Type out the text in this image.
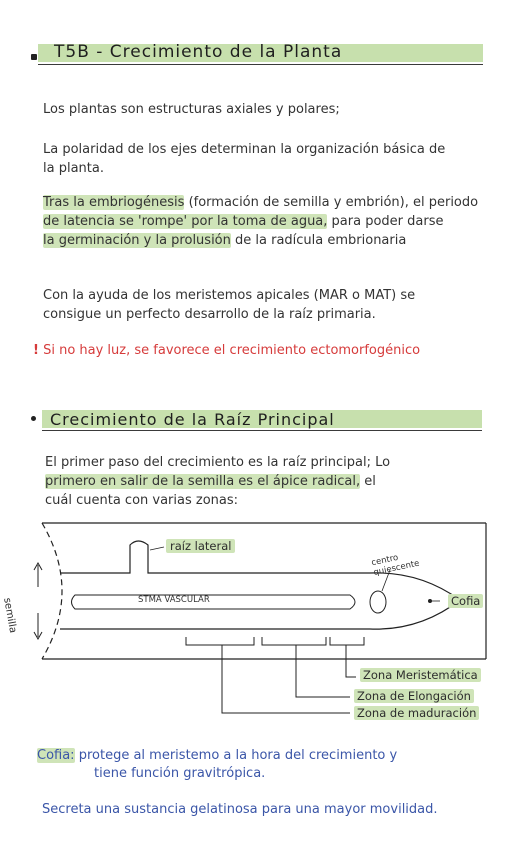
T5B - Crecimiento de la Planta
Los plantas son estructuras axiales y polares;
La polaridad de los ejes determinan la organización básica de
la planta.
Tras la embriogénesis (formación de semilla y embrión), el periodo
de latencia se 'rompe' por la toma de agua, para poder darse
la germinación y la prolusión de la radícula embrionaria
Con la ayuda de los meristemos apicales (MAR o MAT) se
consigue un perfecto desarrollo de la raíz primaria.
! Si no hay luz, se favorece el crecimiento ectomorfogénico
Crecimiento de la Raíz Principal
El primer paso del crecimiento es la raíz principal; Lo
primero en salir de la semilla es el ápice radical, el
cuál cuenta con varias zonas:
raíz lateral
centro quiescente
Cofia
semilla	STMA VASCULAR
Zona Meristemática
Zona de Elongación
Zona de maduración
Cofia: protege al meristemo a la hora del crecimiento y
tiene función gravitrópica.
Secreta una sustancia gelatinosa para una mayor movilidad.
